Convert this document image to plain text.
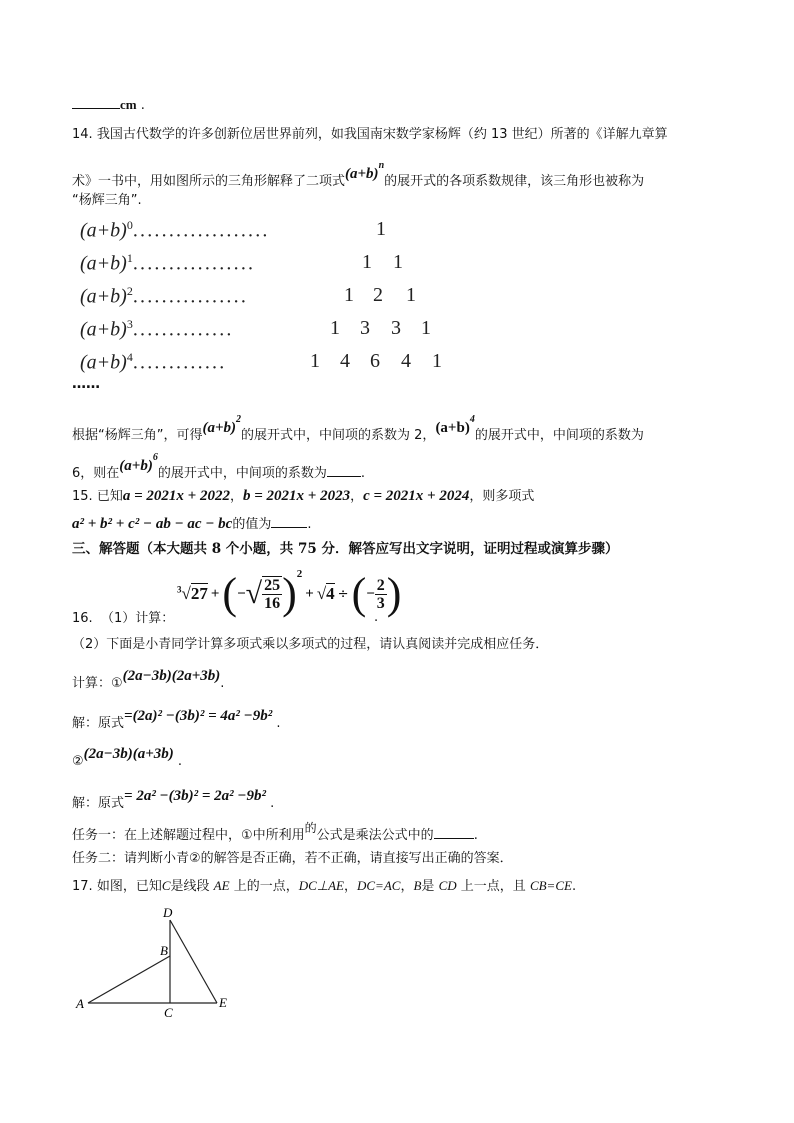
cm .
14. 我国古代数学的许多创新位居世界前列，如我国南宋数学家杨辉（约 13 世纪）所著的《详解九章算
术》一书中，用如图所示的三角形解释了二项式$(a+b)^n$的展开式的各项系数规律，该三角形也被称为
“杨辉三角”.
$(a+b)^0$...................	1
$(a+b)^1$.................	1 1
$(a+b)^2$................	1 2 1
$(a+b)^3$..............	1 3 3 1
$(a+b)^4$.............	1 4 6 4 1
……
根据“杨辉三角”，可得$(a+b)^2$的展开式中，中间项的系数为 2，$(a+b)^4$的展开式中，中间项的系数为
6，则在$(a+b)^6$的展开式中，中间项的系数为	.
15. 已知a = 2021x + 2022，b = 2021x + 2023，c = 2021x + 2024，则多项式
a² + b² + c² − ab − ac − bc的值为	.
三、解答题（本大题共 8 个小题，共 75 分．解答应写出文字说明，证明过程或演算步骤）
16. （1）计算：
$^3$√27 + ( − √ $\frac{25}{16}$ ) 2
+ √4 ÷ ( − $\frac{2}{3}$ )
.
（2）下面是小青同学计算多项式乘以多项式的过程，请认真阅读并完成相应任务．
计算：①(2a−3b)(2a+3b).
解：原式=(2a)² −(3b)² = 4a² −9b² .
②(2a−3b)(a+3b) .
解：原式= 2a² −(3b)² = 2a² −9b² .
任务一：在上述解题过程中，①中所利用的公式是乘法公式中的	.
任务二：请判断小青②的解答是否正确，若不正确，请直接写出正确的答案．
17. 如图，已知C是线段 AE 上的一点，DC⊥AE，DC=AC，B是 CD 上一点，且 CB=CE.
D
B
A
C
E
